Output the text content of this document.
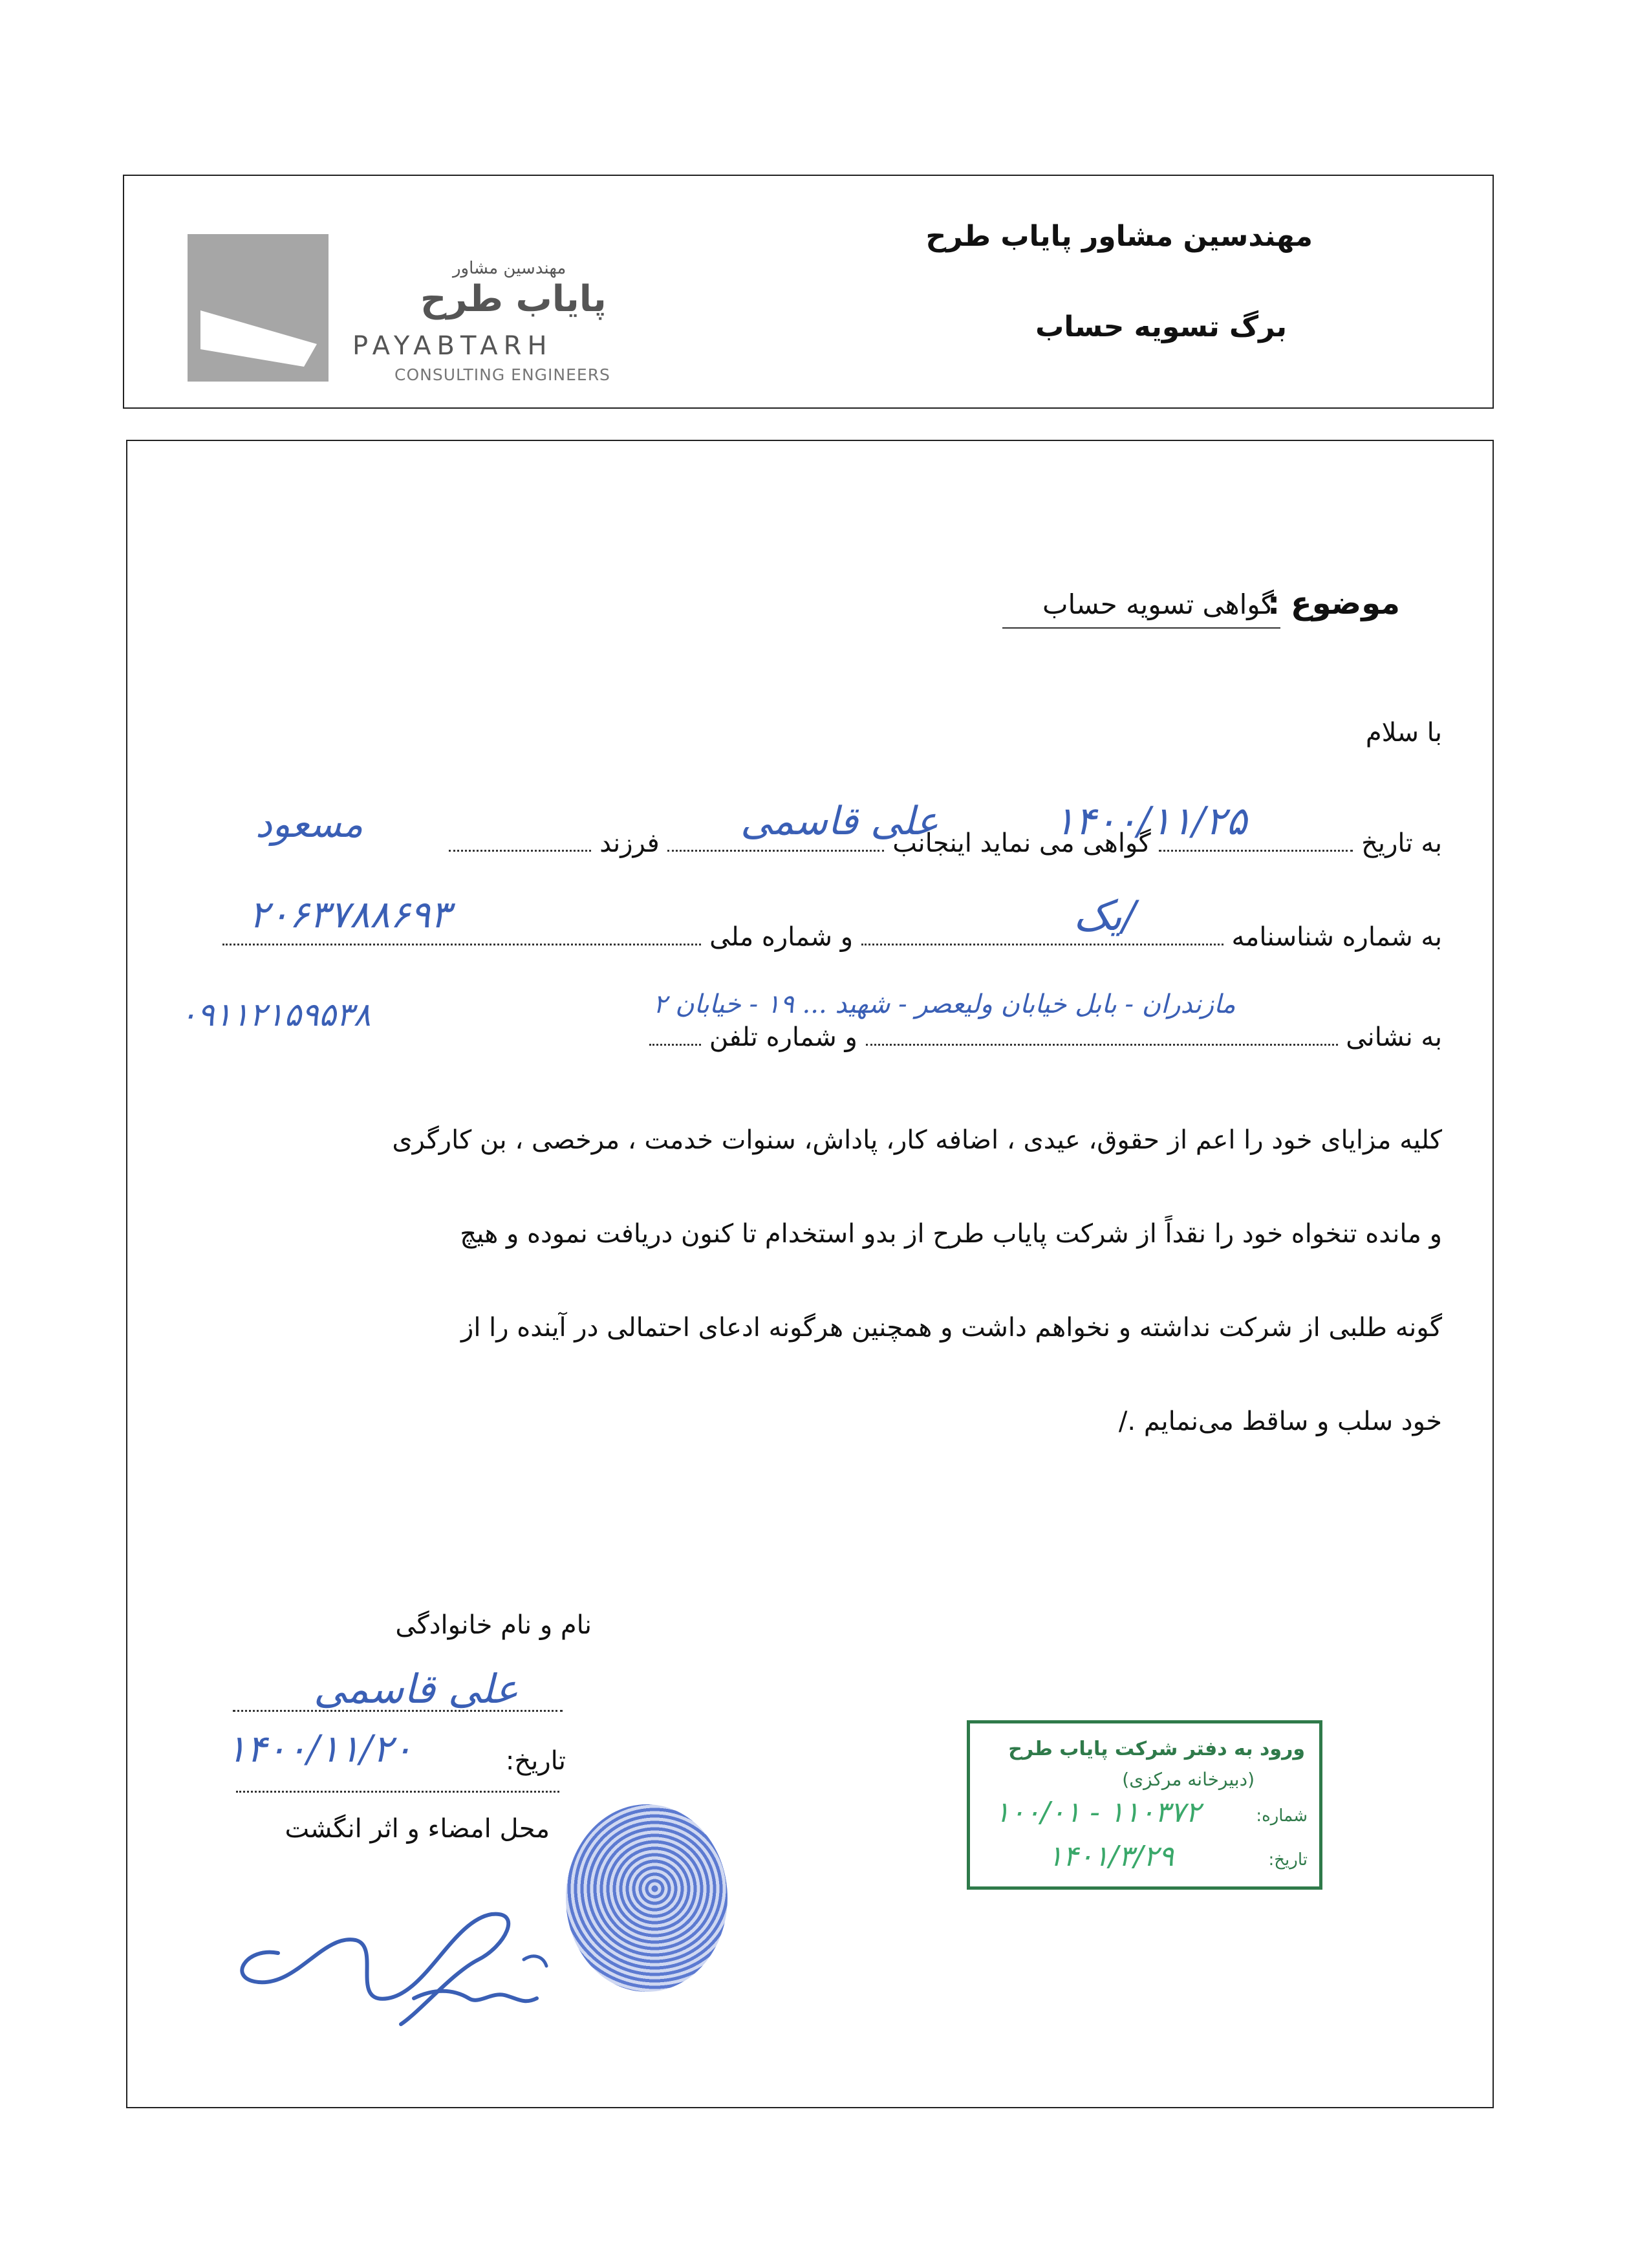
مهندسین مشاور
پایاب طرح
PAYABTARH
CONSULTING ENGINEERS
مهندسین مشاور پایاب طرح
برگ تسویه حساب
موضوع :
گواهی تسویه حساب
با سلام
به تاریخ  گواهی می نماید اینجانب  فرزند	۱۴۰۰/۱۱/۲۵
علی قاسمی
مسعود
به شماره شناسنامه  و شماره ملی	یک/
۲۰۶۳۷۸۸۶۹۳
به نشانی  و شماره تلفن
مازندران - بابل خیابان ولیعصر - شهید ... ۱۹ - خیابان ۲
۰۹۱۱۲۱۵۹۵۳۸
کلیه مزایای خود را اعم از حقوق، عیدی ، اضافه کار، پاداش، سنوات خدمت ، مرخصی ، بن کارگری
و مانده تنخواه خود را نقداً از شرکت پایاب طرح از بدو استخدام تا کنون دریافت نموده و هیچ
گونه طلبی از شرکت نداشته و نخواهم داشت و همچنین هرگونه ادعای احتمالی در آینده را از
خود سلب و ساقط می‌نمایم ./
نام و نام خانوادگی
علی قاسمی
تاریخ:
۱۴۰۰/۱۱/۲۰
محل امضاء و اثر انگشت
ورود به دفتر شرکت پایاب طرح
(دبیرخانه مرکزی)
شماره:
تاریخ:
۱۰۰/۰۱ - ۱۱۰۳۷۲
۱۴۰۱/۳/۲۹
